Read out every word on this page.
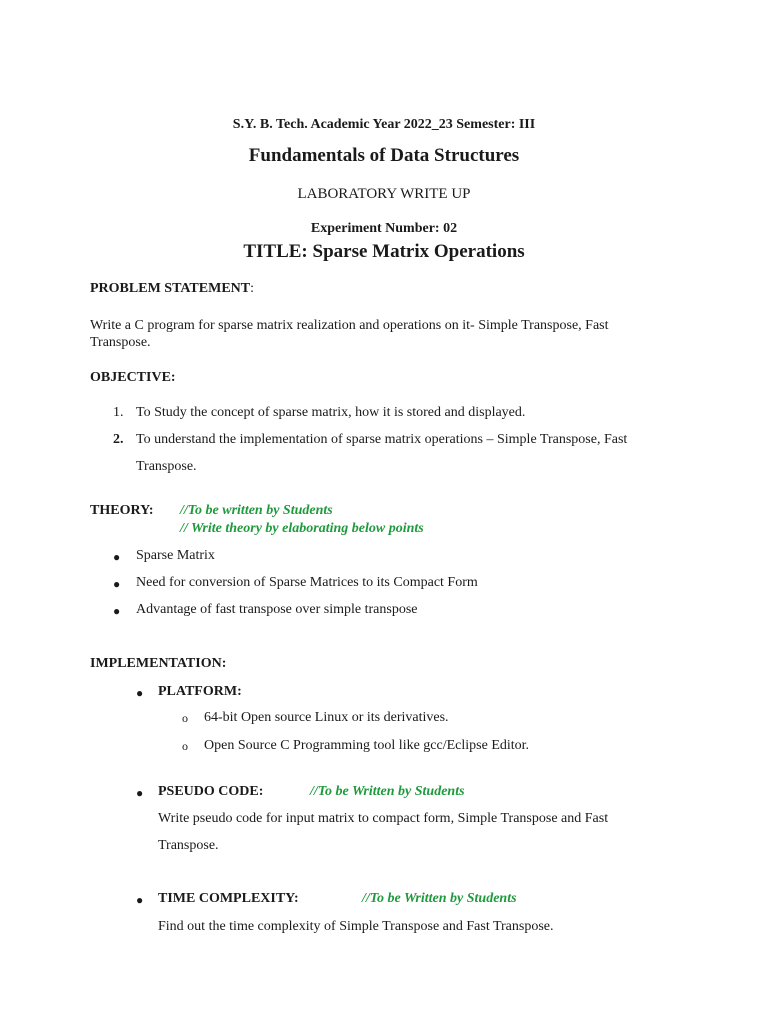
S.Y. B. Tech. Academic Year 2022_23 Semester: III
Fundamentals of Data Structures
LABORATORY WRITE UP
Experiment Number: 02
TITLE: Sparse Matrix Operations
PROBLEM STATEMENT:
Write a C program for sparse matrix realization and operations on it- Simple Transpose, Fast
Transpose.
OBJECTIVE:
1. To Study the concept of sparse matrix, how it is stored and displayed.
2. To understand the implementation of sparse matrix operations – Simple Transpose, Fast
Transpose.
THEORY: //To be written by Students
// Write theory by elaborating below points
● Sparse Matrix
● Need for conversion of Sparse Matrices to its Compact Form
● Advantage of fast transpose over simple transpose
IMPLEMENTATION:
● PLATFORM:
o 64-bit Open source Linux or its derivatives.
o Open Source C Programming tool like gcc/Eclipse Editor.
● PSEUDO CODE:	//To be Written by Students
Write pseudo code for input matrix to compact form, Simple Transpose and Fast
Transpose.
● TIME COMPLEXITY:	//To be Written by Students
Find out the time complexity of Simple Transpose and Fast Transpose.
